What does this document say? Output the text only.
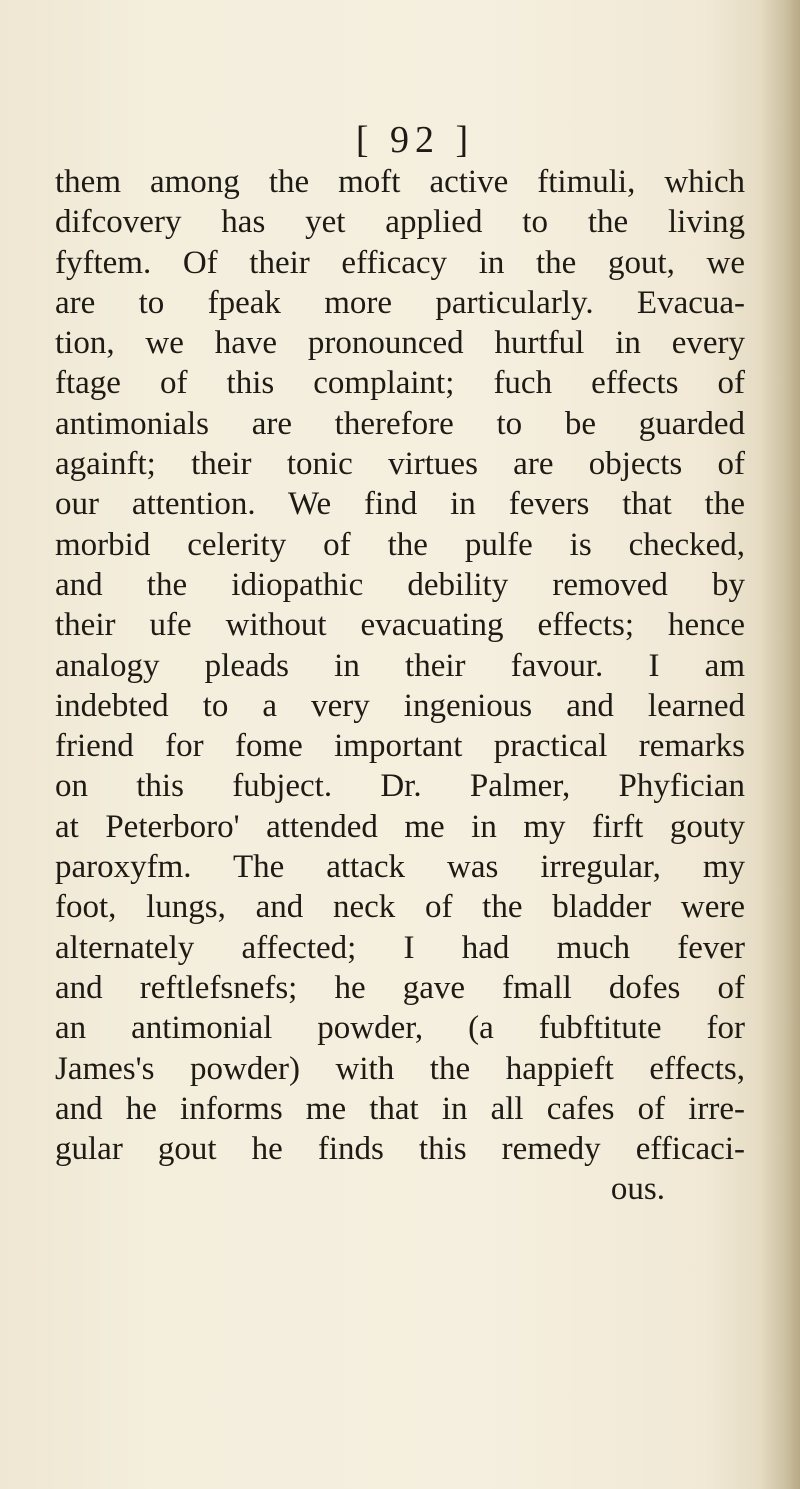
[ 92 ]
them among the moft active ftimuli, which
difcovery has yet applied to the living
fyftem. Of their efficacy in the gout, we
are to fpeak more particularly. Evacua-
tion, we have pronounced hurtful in every
ftage of this complaint; fuch effects of
antimonials are therefore to be guarded
againft; their tonic virtues are objects of
our attention. We find in fevers that the
morbid celerity of the pulfe is checked,
and the idiopathic debility removed by
their ufe without evacuating effects; hence
analogy pleads in their favour. I am
indebted to a very ingenious and learned
friend for fome important practical remarks
on this fubject. Dr. Palmer, Phyfician
at Peterboro' attended me in my firft gouty
paroxyfm. The attack was irregular, my
foot, lungs, and neck of the bladder were
alternately affected; I had much fever
and reftlefsnefs; he gave fmall dofes of
an antimonial powder, (a fubftitute for
James's powder) with the happieft effects,
and he informs me that in all cafes of irre-
gular gout he finds this remedy efficaci-
ous.
